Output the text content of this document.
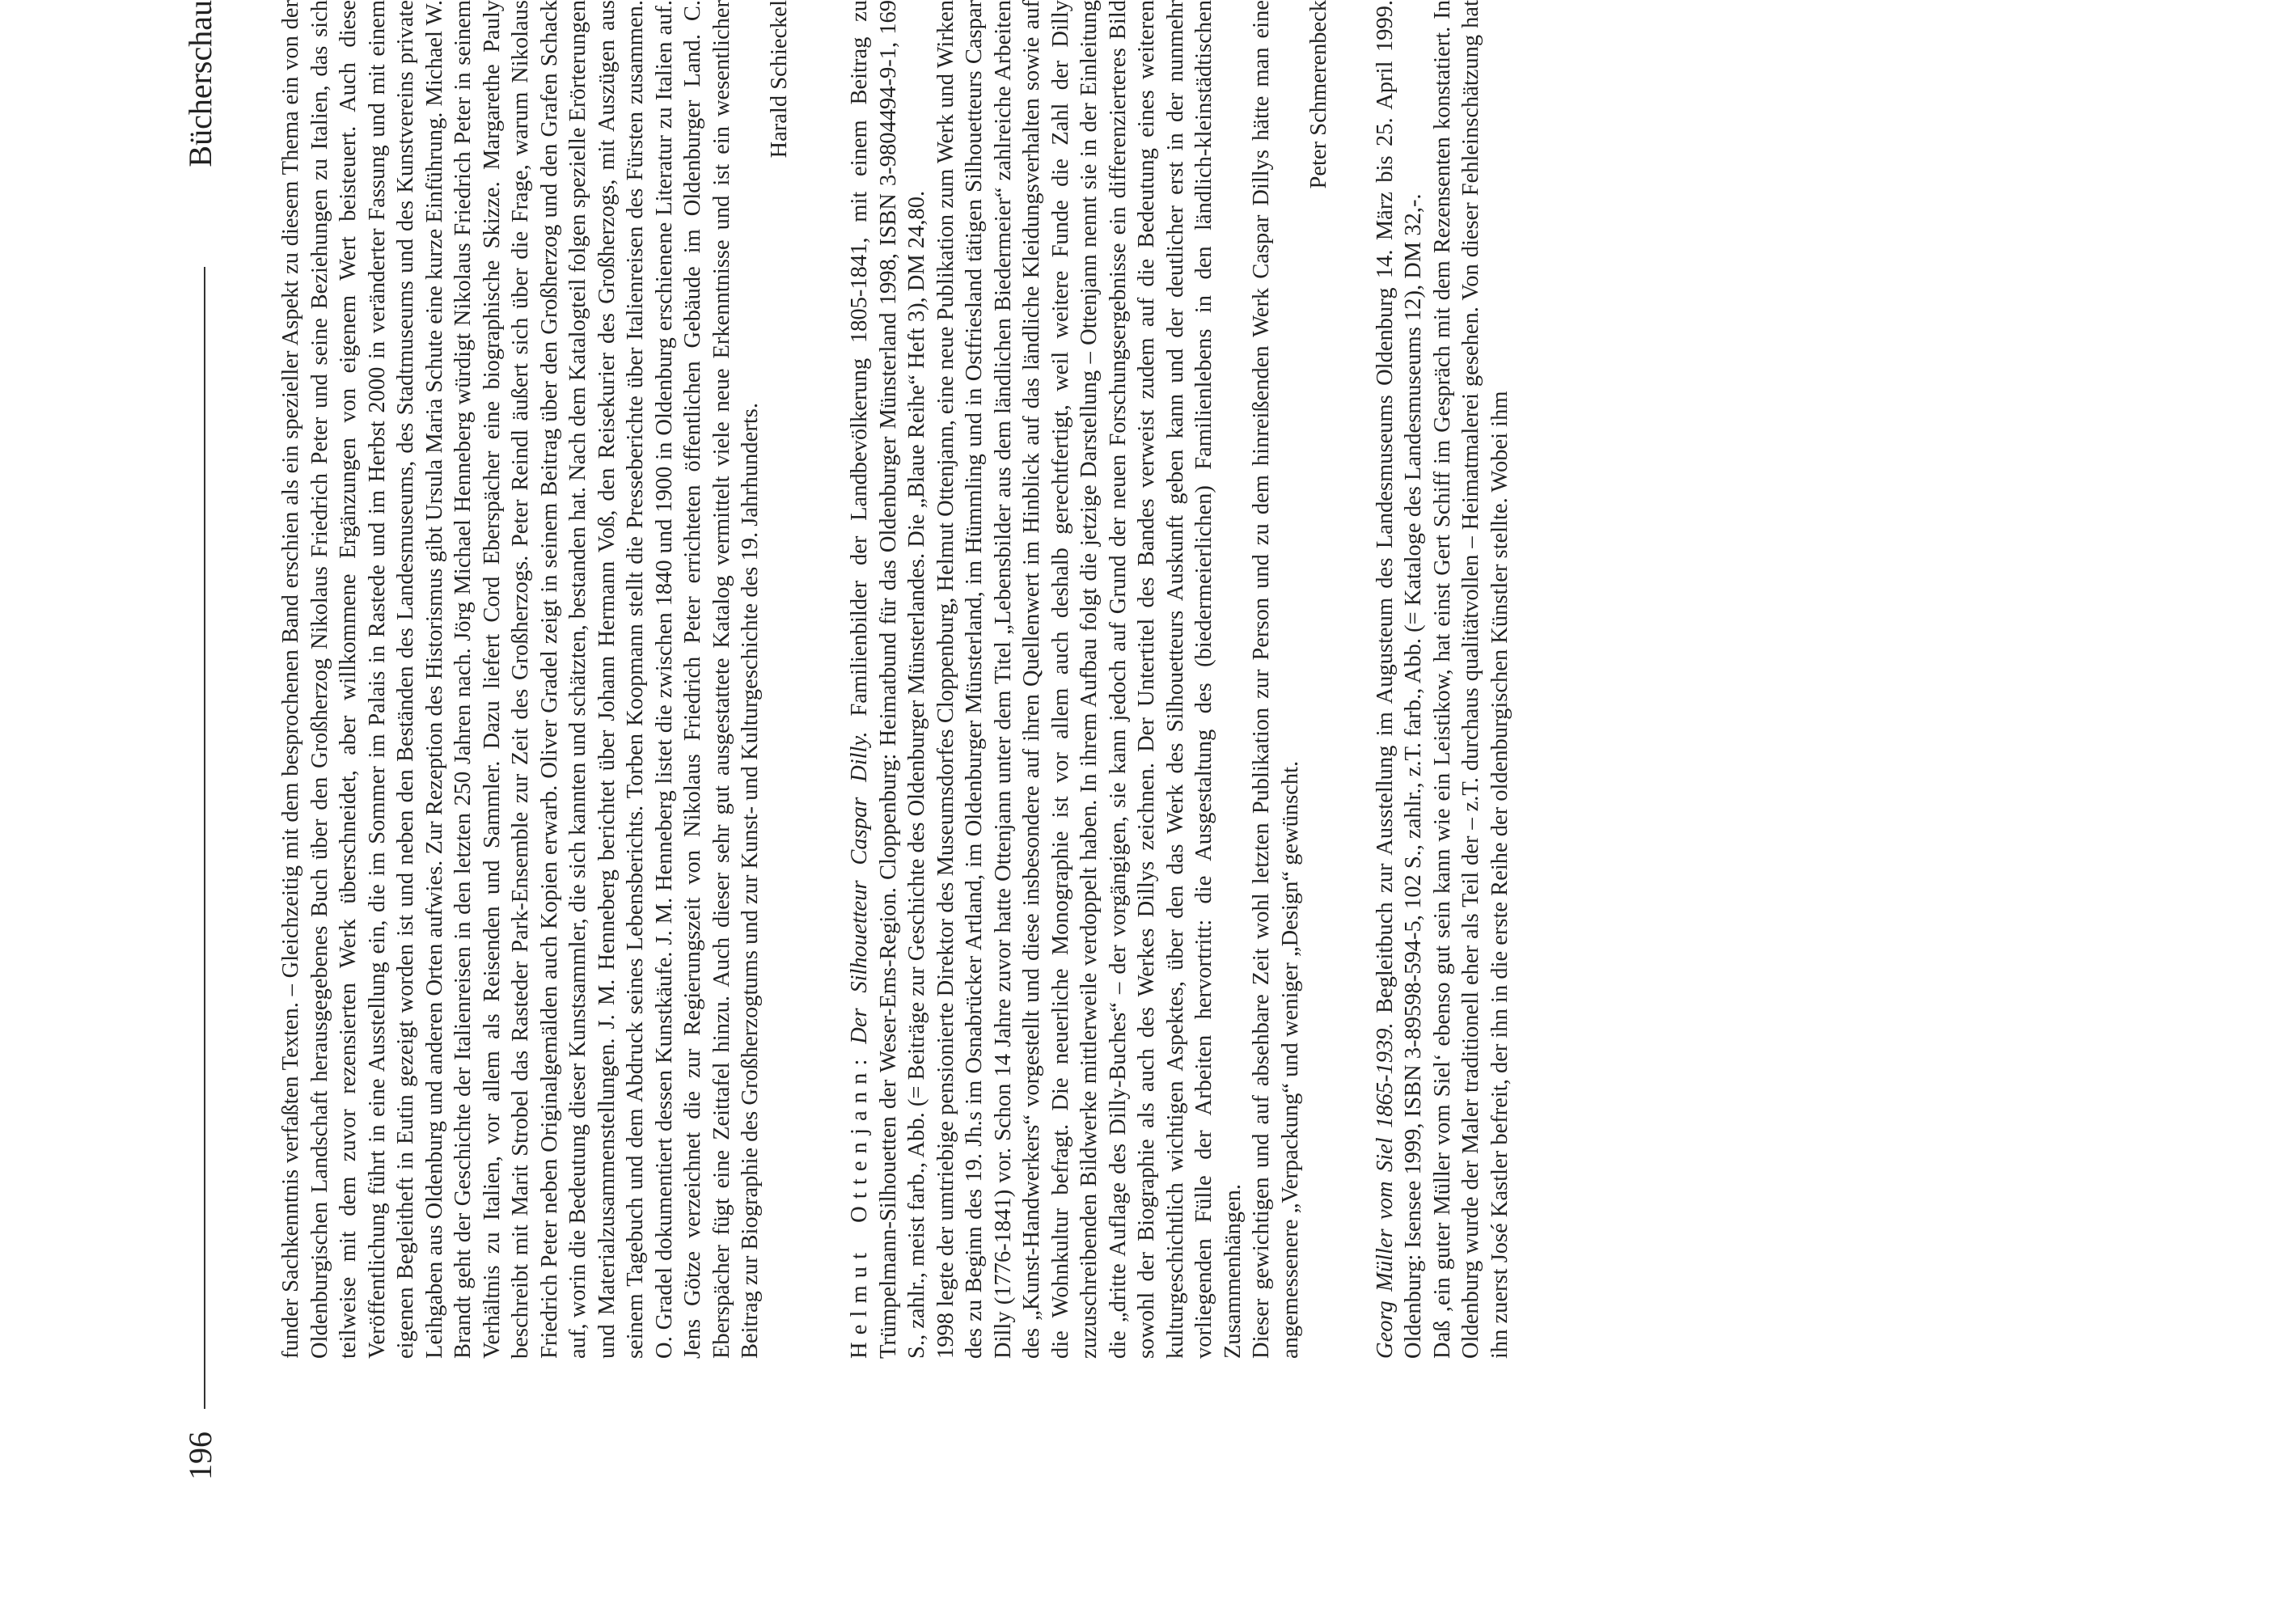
196
Bücherschau	funder Sachkenntnis verfaßten Texten. – Gleichzeitig mit dem besprochenen Band erschien als ein spezieller Aspekt zu diesem Thema ein von der Oldenburgischen Landschaft herausgegebenes Buch über den Großherzog Nikolaus Friedrich Peter und seine Beziehungen zu Italien, das sich teilweise mit dem zuvor rezensierten Werk überschneidet, aber willkommene Ergänzungen von eigenem Wert beisteuert. Auch diese Veröffentlichung führt in eine Ausstellung ein, die im Sommer im Palais in Rastede und im Herbst 2000 in veränderter Fassung und mit einem eigenen Begleitheft in Eutin gezeigt worden ist und neben den Beständen des Landesmuseums, des Stadtmuseums und des Kunstvereins private Leihgaben aus Oldenburg und anderen Orten aufwies. Zur Rezeption des Historismus gibt Ursula Maria Schute eine kurze Einführung. Michael W. Brandt geht der Geschichte der Italienreisen in den letzten 250 Jahren nach. Jörg Michael Henneberg würdigt Nikolaus Friedrich Peter in seinem Verhältnis zu Italien, vor allem als Reisenden und Sammler. Dazu liefert Cord Eberspächer eine biographische Skizze. Margarethe Pauly beschreibt mit Marit Strobel das Rasteder Park-Ensemble zur Zeit des Großherzogs. Peter Reindl äußert sich über die Frage, warum Nikolaus Friedrich Peter neben Originalgemälden auch Kopien erwarb. Oliver Gradel zeigt in seinem Beitrag über den Großherzog und den Grafen Schack auf, worin die Bedeutung dieser Kunstsammler, die sich kannten und schätzten, bestanden hat. Nach dem Katalogteil folgen spezielle Erörterungen und Materialzusammenstellungen. J. M. Henneberg berichtet über Johann Hermann Voß, den Reisekurier des Großherzogs, mit Auszügen aus seinem Tagebuch und dem Abdruck seines Lebensberichts. Torben Koopmann stellt die Presseberichte über Italienreisen des Fürsten zusammen. O. Gradel dokumentiert dessen Kunstkäufe. J. M. Henneberg listet die zwischen 1840 und 1900 in Oldenburg erschienene Literatur zu Italien auf. Jens Götze verzeichnet die zur Regierungszeit von Nikolaus Friedrich Peter errichteten öffentlichen Gebäude im Oldenburger Land. C. Eberspächer fügt eine Zeittafel hinzu. Auch dieser sehr gut ausgestattete Katalog vermittelt viele neue Erkenntnisse und ist ein wesentlicher Beitrag zur Biographie des Großherzogtums und zur Kunst- und Kulturgeschichte des 19. Jahrhunderts.

Harald Schieckel

Helmut Ottenjann: Der Silhouetteur Caspar Dilly. Familienbilder der Landbevölkerung 1805-1841, mit einem Beitrag zu Trümpelmann-Silhouetten der Weser-Ems-Region. Cloppenburg: Heimatbund für das Oldenburger Münsterland 1998, ISBN 3-9804494-9-1, 169 S., zahlr., meist farb., Abb. (= Beiträge zur Geschichte des Oldenburger Münsterlandes. Die „Blaue Reihe“ Heft 3), DM 24,80. 1998 legte der umtriebige pensionierte Direktor des Museumsdorfes Cloppenburg, Helmut Ottenjann, eine neue Publikation zum Werk und Wirken des zu Beginn des 19. Jh.s im Osnabrücker Artland, im Oldenburger Münsterland, im Hümmling und in Ostfriesland tätigen Silhouetteurs Caspar Dilly (1776-1841) vor. Schon 14 Jahre zuvor hatte Ottenjann unter dem Titel „Lebensbilder aus dem ländlichen Biedermeier“ zahlreiche Arbeiten des „Kunst-Handwerkers“ vorgestellt und diese insbesondere auf ihren Quellenwert im Hinblick auf das ländliche Kleidungsverhalten sowie auf die Wohnkultur befragt. Die neuerliche Monographie ist vor allem auch deshalb gerechtfertigt, weil weitere Funde die Zahl der Dilly zuzuschreibenden Bildwerke mittlerweile verdoppelt haben. In ihrem Aufbau folgt die jetzige Darstellung – Ottenjann nennt sie in der Einleitung die „dritte Auflage des Dilly-Buches“ – der vorgängigen, sie kann jedoch auf Grund der neuen Forschungsergebnisse ein differenzierteres Bild sowohl der Biographie als auch des Werkes Dillys zeichnen. Der Untertitel des Bandes verweist zudem auf die Bedeutung eines weiteren kulturgeschichtlich wichtigen Aspektes, über den das Werk des Silhouetteurs Auskunft geben kann und der deutlicher erst in der nunmehr vorliegenden Fülle der Arbeiten hervortritt: die Ausgestaltung des (biedermeierlichen) Familienlebens in den ländlich-kleinstädtischen Zusammenhängen. Dieser gewichtigen und auf absehbare Zeit wohl letzten Publikation zur Person und zu dem hinreißenden Werk Caspar Dillys hätte man eine angemessenere „Verpackung“ und weniger „Design“ gewünscht.

Peter Schmerenbeck

Georg Müller vom Siel 1865-1939. Begleitbuch zur Ausstellung im Augusteum des Landesmuseums Oldenburg 14. März bis 25. April 1999. Oldenburg: Isensee 1999, ISBN 3-89598-594-5, 102 S., zahlr., z.T. farb., Abb. (= Kataloge des Landesmuseums 12), DM 32,-. Daß ‚ein guter Müller vom Siel‘ ebenso gut sein kann wie ein Leistikow, hat einst Gert Schiff im Gespräch mit dem Rezensenten konstatiert. In Oldenburg wurde der Maler traditionell eher als Teil der – z.T. durchaus qualitätvollen – Heimatmalerei gesehen. Von dieser Fehleinschätzung hat ihn zuerst José Kastler befreit, der ihn in die erste Reihe der oldenburgischen Künstler stellte. Wobei ihm
